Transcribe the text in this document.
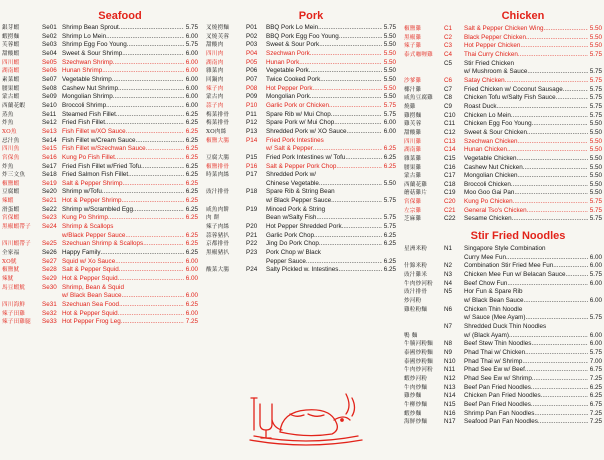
Seafood
銀芽蝦	Se01 Shrimp Bean Sprout .....	5.75
蝦撈麵	Se02 Shrimp Lo Mein .....	6.00
芙蓉蝦	Se03 Shrimp Egg Foo Young .....	5.75
甜酸蝦	Se04 Sweet & Sour Shrimp .....	6.00
四川蝦	Se05 Szechwan Shrimp .....	6.00
湖南蝦	Se06 Hunan Shrimp .....	6.00
素菜蝦	Se07 Vegetable Shrimp .....	6.00
腰果蝦	Se08 Cashew Nut Shrimp .....	6.00
蒙古蝦	Se09 Mongolian Shrimp .....	6.00
西蘭花蝦	Se10 Broccoli Shrimp .....	6.00
蒸魚	Se11 Steamed Fish Fillet .....	6.25
炸魚	Se12 Fried Fish Fillet .....	6.25
XO魚	Se13 Fish Fillet w/XO Sauce .....	6.25
忌汁魚	Se14 Fish Fillet w/Cream Sauce .....	6.25
四川魚	Se15 Fish Fillet w/Szechwan Sauce .....	6.25
宮保魚	Se16 Kung Po Fish Fillet .....	6.25
炸魚	Se17 Fried Fish Fillet w/Fried Tofu .....	6.25
炸三文魚	Se18 Fried Salmon Fish Fillet .....	6.25
椒鹽蝦	Se19 Salt & Pepper Shrimp .....	6.25
豆腐蝦	Se20 Shrimp w/Tofu .....	6.25
辣蝦	Se21 Hot & Pepper Shrimp .....	6.25
滑蛋蝦	Se22 Shrimp w/Scrambled Egg .....	6.25
宮保蝦	Se23 Kung Po Shrimp .....	6.25
黑椒蝦帶子	Se24 Shrimp & Scallops
w/Black Pepper Sauce .....	6.25
四川蝦帶子	Se25 Szechuan Shrimp & Scallops .....	6.25
全家福	Se26 Happy Family .....	6.25
XO魷	Se27 Squid w/ Xo Sauce .....	6.00
椒鹽魷	Se28 Salt & Pepper Squid .....	6.00
辣魷	Se29 Hot & Pepper Squid .....	6.00
馬豆蝦魷	Se30 Shrimp, Bean & Squid
w/ Black Bean Sauce .....	6.00
四川海鮮	Se31 Szechuan Sea Food .....	6.25
辣子田雞	Se32 Hot & Pepper Squid .....	6.00
辣子田雞腿	Se33 Hot Pepper Frog Leg .....	7.25
Pork
叉燒撈麵	P01	BBQ Pork Lo Mein .....	5.75
叉燒芙蓉	P02	BBQ Pork Egg Foo Young .....	5.50
甜酸肉	P03	Sweet & Sour Pork .....	5.50
四川肉	P04	Szechwan Pork .....	5.50
湖南肉	P05	Hunan Pork .....	5.50
雜菜肉	P06	Vegetable Pork .....	5.50
回鍋肉	P07	Twice Cooked Pork .....	5.50
辣子肉	P08	Hot Pepper Pork .....	5.50
蒙古肉	P09	Mongolian Pork .....	5.50
蒜子肉	P10	Garlic Pork or Chicken .....	5.75
梅菜排骨	P11	Spare Rib w/ Mui Chop .....	5.75
梅菜排骨	P12	Spare Pork w/ Mui Chop .....	6.00
XO肉絲	P13	Shredded Pork w/ XO Sauce .....	6.00
椒鹽大腸	P14	Fried Pork Intestines
w/ Salt & Pepper .....	6.25
豆腐大腸	P15	Fried Pork Intestines w/ Tofu .....	6.25
椒鹽排骨	P16	Salt & Pepper Pork Chop .....	6.25
時菜肉絲	P17	Shredded Pork w/
Chinese Vegetable .....	5.50
豉汁排骨	P18	Spare Rib & String Bean
w/ Black Pepper Sauce .....	5.75
咸魚肉餅	P19	Minced Pork & String
肉 餅	Bean w/Salty Fish .....	5.75
辣子肉絲	P20	Hot Pepper Shredded Pork .....	5.75
蒜蓉豬扒	P21	Garlic Pork Chop .....	6.25
京都排骨	P22	Jing Do Pork Chop .....	6.25
黑椒豬扒	P23	Pork Chop w/ Black
Pepper Sauce .....	6.25
酸菜大腸	P24	Salty Pickled w. Intestines .....	6.25
Chicken
椒鹽雞	C1	Salt & Pepper Chicken Wing .....	5.50
黑椒雞	C2	Black Pepper Chicken .....	5.50
辣子雞	C3	Hot Pepper Chicken .....	5.50
泰式咖喱雞	C4	Thai Curry Chicken .....	5.75
C5	Stir Fried Chicken
w/ Mushroom & Sauce .....	5.75
沙爹雞	C6	Satay Chicken .....	5.75
椰汁雞	C7	Fried Chicken w/ Coconut Sausage .....	5.75
咸魚豆腐雞	C8	Chicken Tofu w/Salty Fish Sauce .....	5.75
燒雞	C9	Roast Duck .....	5.75
雞撈麵	C10	Chicken Lo Mein .....	5.75
雞芙蓉	C11	Chicken Egg Foo Young .....	5.50
甜酸雞	C12	Sweet & Sour Chicken .....	5.50
四川雞	C13	Szechwan Chicken .....	5.50
湖南雞	C14	Hunan Chicken .....	5.50
雜菜雞	C15	Vegetable Chicken .....	5.50
腰果雞	C16	Cashew Nut Chicken .....	5.50
蒙古雞	C17	Mongolian Chicken .....	5.50
西蘭花雞	C18	Broccoli Chicken .....	5.50
蘑菇雞片	C19	Moo Goo Gai Pan .....	5.50
宮保雞	C20	Kung Po Chicken .....	5.75
左宗雞	C21	General Tso's Chicken .....	5.75
芝麻雞	C22	Sesame Chicken .....	5.75
Stir Fried Noodles
星洲米粉	N1	Singapore Style Combination
Curry Mee Fun .....	6.00
什錦米粉	N2	Combination Stir Fried Mee Fun .....	6.00
豉汁雞米	N3	Chicken Mee Fun w/ Belacan Sauce .....	5.75
牛肉炒河粉	N4	Beef Chow Fun .....	6.00
豉汁排骨	N5	Hor Fun & Spare Rib
炒河粉	w/ Black Bean Sauce .....	6.00
雞粒粉麵	N6	Chicken Thin Noodle
w/ Sauce (Mee Ayam) .....	5.75
N7	Shredded Duck Thin Noodles
鴨 麵	w/ (Black Ayam) .....	6.00
牛腩河粉麵	N8	Beef Stew Thin Noodles .....	6.00
泰國炒粉麵	N9	Phad Thai w/ Chicken .....	5.75
泰國炒粉麵	N10	Phad Thai w/ Shrimp .....	7.00
牛肉炒河粉	N11	Phad See Ew w/ Beef .....	6.75
蝦炒河粉	N12	Phad See Ew w/ Shrimp .....	7.25
牛肉炒麵	N13	Beef Pan Fried Noodles .....	6.25
雞炒麵	N14	Chicken Pan Fried Noodles .....	6.25
牛柳炒麵	N15	Beef Pan Fried Noodles .....	6.75
蝦炒麵	N16	Shrimp Pan Fan Noodles .....	7.25
海鮮炒麵	N17	Seafood Pan Fan Noodles .....	7.25
